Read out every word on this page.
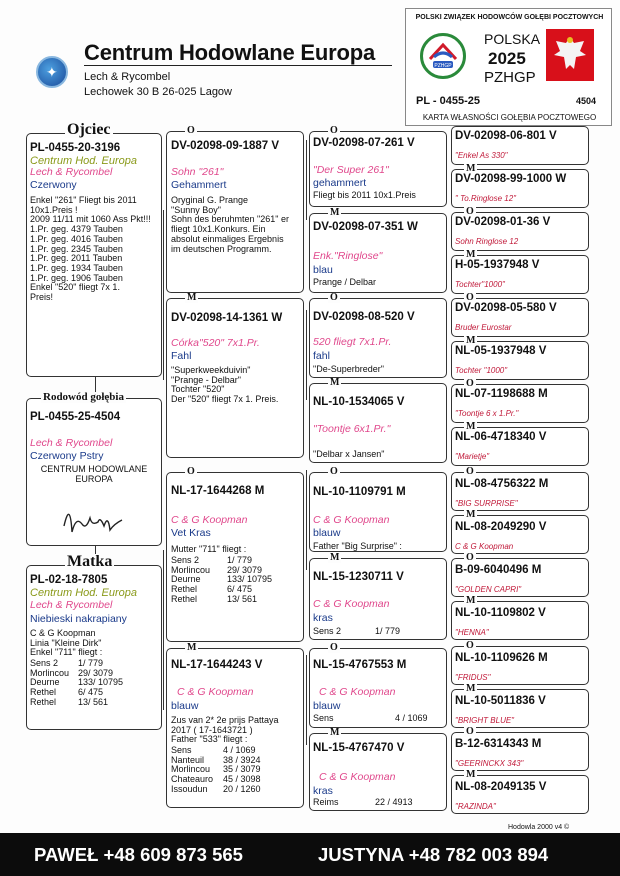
✦
Centrum Hodowlane Europa
Lech & Rycombel
Lechowek 30 B 26-025 Lagow
POLSKI ZWIĄZEK HODOWCÓW GOŁĘBI POCZTOWYCH
PZHGP
POLSKA
2025
PZHGP
PL - 0455-25	4504
KARTA WŁASNOŚCI GOŁĘBIA POCZTOWEGO
Ojciec
PL-0455-20-3196
Centrum Hod. Europa
Lech & Rycombel
Czerwony
Enkel "261" Fliegt bis 2011
10x1.Preis !
2009 11/11 mit 1060 Ass Pkt!!!
1.Pr. geg. 4379 Tauben
1.Pr. geg. 4016 Tauben
1.Pr. geg. 2345 Tauben
1.Pr. geg. 2011 Tauben
1.Pr. geg. 1934 Tauben
1.Pr. geg. 1906 Tauben
Enkel "520" fliegt 7x 1.
Preis!
Rodowód gołębia
PL-0455-25-4504
Lech & Rycombel
Czerwony Pstry
CENTRUM HODOWLANE
EUROPA
Matka
PL-02-18-7805
Centrum Hod. Europa
Lech & Rycombel
Niebieski nakrapiany
C & G Koopman
Linia "Kleine Dirk"
Enkel "711" fliegt :
Sens 2 1/ 779
Morlincou 29/ 3079
Deurne 133/ 10795
Rethel 6/ 475
Rethel 13/ 561
O
DV-02098-09-1887 V
Sohn "261"
Gehammert
Oryginal G. Prange
"Sunny Boy"
Sohn des beruhmten "261" er
fliegt 10x1.Konkurs. Ein
absolut einmaliges Ergebnis
im deutschen Programm.
M
DV-02098-14-1361 W
Córka"520" 7x1.Pr.
Fahl
"Superkweekduivin"
"Prange - Delbar"
Tochter "520"
Der "520" fliegt 7x 1. Preis.
O
NL-17-1644268 M
C & G Koopman
Vet Kras
Mutter "711" fliegt :
Sens 2	1/ 779
Morlincou 29/ 3079
Deurne	133/ 10795
Rethel	6/ 475
Rethel	13/ 561
M
NL-17-1644243 V
C & G Koopman
blauw
Zus van 2* 2e prijs Pattaya
2017 ( 17-1643721 )
Father "533" fliegt :
Sens	4 / 1069
Nanteuil 38 / 3924
Morlincou 35 / 3079
Chateauro 45 / 3098
Issoudun 20 / 1260
O
DV-02098-07-261 V
"Der Super 261"
gehammert
Fliegt bis 2011 10x1.Preis
M
DV-02098-07-351 W
Enk."Ringlose"
blau
Prange / Delbar
O
DV-02098-08-520 V
520 fliegt 7x1.Pr.
fahl
"De-Superbreder"
M
NL-10-1534065 V
"Toontje 6x1.Pr."
"Delbar x Jansen"
O
NL-10-1109791 M
C & G Koopman
blauw
Father "Big Surprise" :
M
NL-15-1230711 V
C & G Koopman
kras
Sens 2	1/ 779
O
NL-15-4767553 M
C & G Koopman
blauw
Sens	4 / 1069
M
NL-15-4767470 V
C & G Koopman
kras
Reims	22 / 4913
DV-02098-06-801 V
"Enkel As 330"
M
DV-02098-99-1000 W
" To.Ringlose 12"
O
DV-02098-01-36 V
Sohn Ringlose 12
M
H-05-1937948 V
Tochter"1000"
O
DV-02098-05-580 V
Bruder Eurostar
M
NL-05-1937948 V
Tochter "1000"
O
NL-07-1198688 M
"Toontje 6 x 1.Pr."
M
NL-06-4718340 V
"Marietje"
O
NL-08-4756322 M
"BIG SURPRISE"
M
NL-08-2049290 V
C & G Koopman
O
B-09-6040496 M
"GOLDEN CAPRI"
M
NL-10-1109802 V
"HENNA"
O
NL-10-1109626 M
"FRIDUS"
M
NL-10-5011836 V
"BRIGHT BLUE"
O
B-12-6314343 M
"GEERINCKX 343"
M
NL-08-2049135 V
"RAZINDA"
Hodowla 2000 v4 ©
PAWEŁ +48 609 873 565	JUSTYNA +48 782 003 894
